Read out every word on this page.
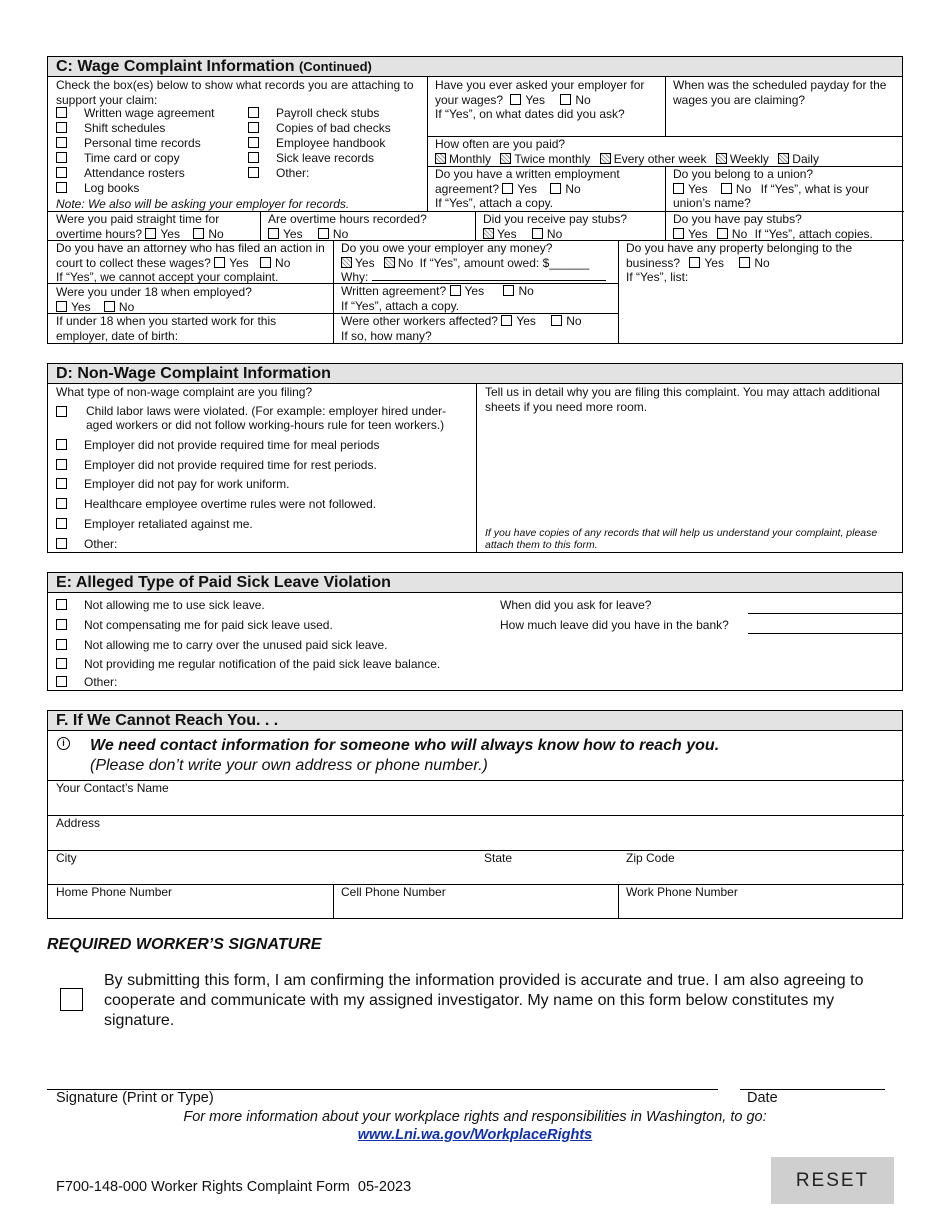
C: Wage Complaint Information (Continued)
Check the box(es) below to show what records you are attaching to support your claim:
Written wage agreement
Shift schedules
Personal time records
Time card or copy
Attendance rosters
Log books
Payroll check stubs
Copies of bad checks
Employee handbook
Sick leave records
Other:
Note: We also will be asking your employer for records.
Have you ever asked your employer for your wages? Yes	No
If “Yes”, on what dates did you ask?
When was the scheduled payday for the wages you are claiming?
How often are you paid?
Monthly Twice monthly Every other week Weekly Daily
Do you have a written employment agreement? Yes No
If “Yes”, attach a copy.
Do you belong to a union?
Yes No If “Yes”, what is your union’s name?
Were you paid straight time for overtime hours? Yes No
Are overtime hours recorded?
Yes	No
Did you receive pay stubs?
Yes	No
Do you have pay stubs?
Yes No If “Yes”, attach copies.
Do you have an attorney who has filed an action in court to collect these wages? Yes No
If “Yes”, we cannot accept your complaint.
Do you owe your employer any money?
Yes No If “Yes”, amount owed: $______
Why:
Do you have any property belonging to the business? Yes	No
If “Yes”, list:
Were you under 18 when employed?
Yes No
Written agreement? Yes	No
If “Yes”, attach a copy.
If under 18 when you started work for this employer, date of birth:
Were other workers affected? Yes	No
If so, how many?
D: Non-Wage Complaint Information
What type of non-wage complaint are you filing?
Child labor laws were violated. (For example: employer hired under-aged workers or did not follow working-hours rule for teen workers.)
Employer did not provide required time for meal periods
Employer did not provide required time for rest periods.
Employer did not pay for work uniform.
Healthcare employee overtime rules were not followed.
Employer retaliated against me.
Other:
Tell us in detail why you are filing this complaint. You may attach additional sheets if you need more room.
If you have copies of any records that will help us understand your complaint, please attach them to this form.
E: Alleged Type of Paid Sick Leave Violation
Not allowing me to use sick leave.
Not compensating me for paid sick leave used.
Not allowing me to carry over the unused paid sick leave.
Not providing me regular notification of the paid sick leave balance.
Other:
When did you ask for leave?
How much leave did you have in the bank?
F. If We Cannot Reach You. . .
i	We need contact information for someone who will always know how to reach you.
(Please don’t write your own address or phone number.)
Your Contact’s Name
Address
City	State	Zip Code
Home Phone Number	Cell Phone Number	Work Phone Number
REQUIRED WORKER’S SIGNATURE
By submitting this form, I am confirming the information provided is accurate and true. I am also agreeing to cooperate and communicate with my assigned investigator. My name on this form below constitutes my signature.
Signature (Print or Type)	Date
For more information about your workplace rights and responsibilities in Washington, to go:
www.Lni.wa.gov/WorkplaceRights
F700-148-000 Worker Rights Complaint Form  05-2023	RESET
